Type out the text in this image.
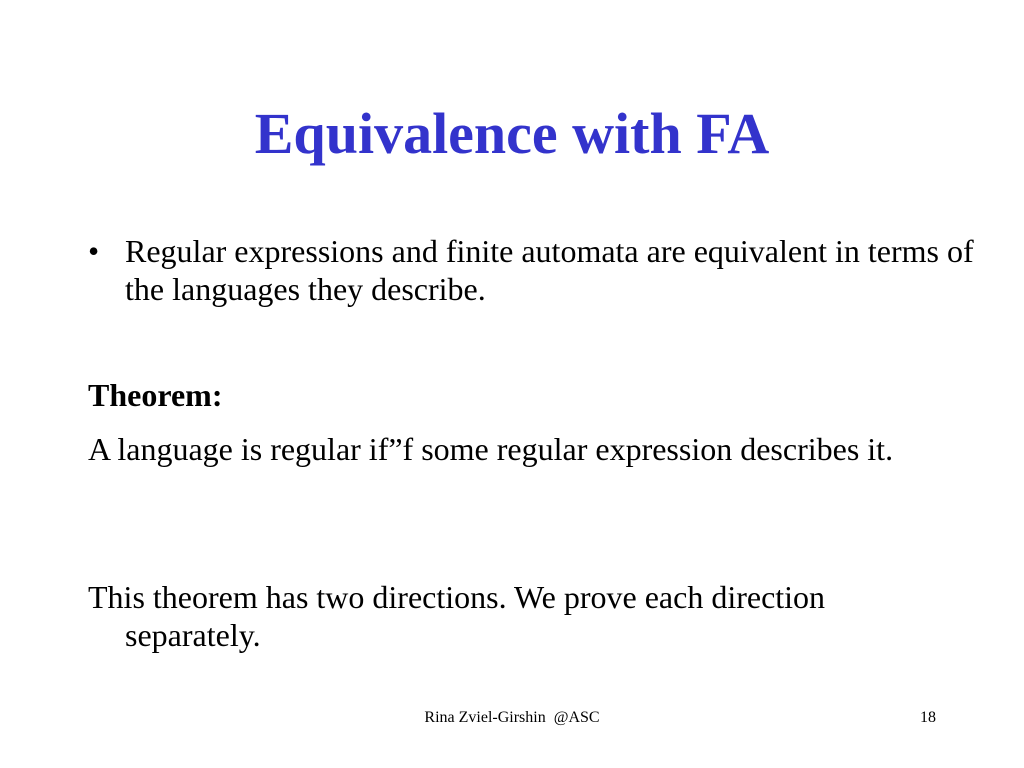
Equivalence with FA
• Regular expressions and finite automata are equivalent in terms of the languages they describe.
Theorem:
A language is regular if”f some regular expression describes it.
This theorem has two directions. We prove each direction separately.
Rina Zviel-Girshin  @ASC	18
